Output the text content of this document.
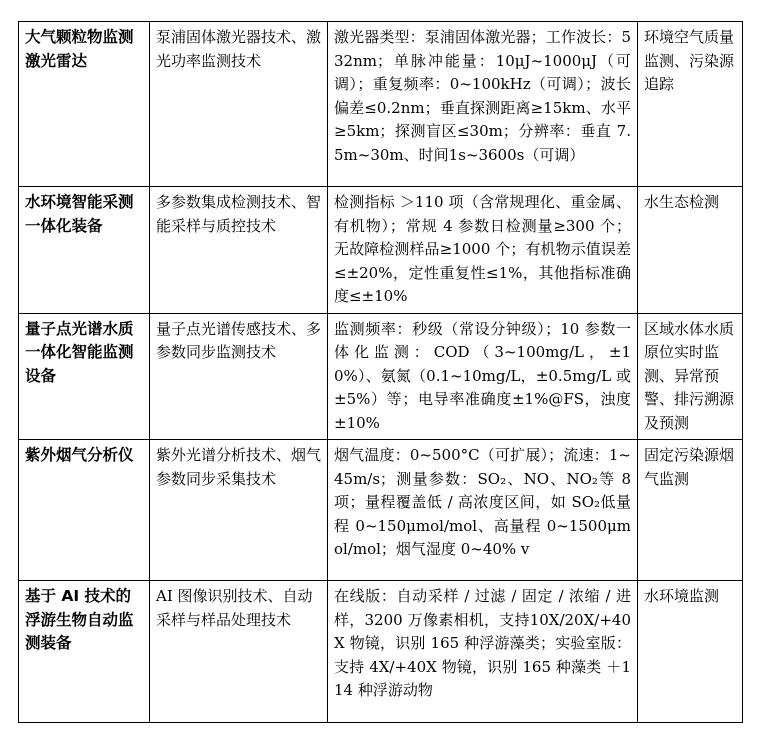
大气颗粒物监测激光雷达	泵浦固体激光器技术、激光功率监测技术	激光器类型：泵浦固体激光器；工作波长：532nm；单脉冲能量：10μJ~1000μJ（可调）；重复频率：0~100kHz（可调）；波长偏差≤0.2nm；垂直探测距离≥15km、水平≥5km；探测盲区≤30m；分辨率：垂直 7.5m~30m、时间1s~3600s（可调）	环境空气质量监测、污染源追踪
水环境智能采测一体化装备	多参数集成检测技术、智能采样与质控技术	检测指标 ＞110 项（含常规理化、重金属、有机物）；常规 4 参数日检测量≥300 个；无故障检测样品≥1000 个；有机物示值误差≤±20%，定性重复性≤1%，其他指标准确度≤±10%	水生态检测
量子点光谱水质一体化智能监测设备	量子点光谱传感技术、多参数同步监测技术	监测频率：秒级（常设分钟级）；10 参数一体化监测：COD（3~100mg/L，±10%）、氨氮（0.1~10mg/L，±0.5mg/L 或 ±5%）等；电导率准确度±1%@FS，浊度 ±10%	区域水体水质原位实时监测、异常预警、排污溯源及预测
紫外烟气分析仪	紫外光谱分析技术、烟气参数同步采集技术	烟气温度：0~500°C（可扩展）；流速：1~45m/s；测量参数：SO₂、NO、NO₂等 8 项；量程覆盖低 / 高浓度区间，如 SO₂低量程 0~150μmol/mol、高量程 0~1500μmol/mol；烟气湿度 0~40% v	固定污染源烟气监测
基于 AI 技术的浮游生物自动监测装备	AI 图像识别技术、自动采样与样品处理技术	在线版：自动采样 / 过滤 / 固定 / 浓缩 / 进样，3200 万像素相机，支持10X/20X/+40X 物镜，识别 165 种浮游藻类；实验室版：支持 4X/+40X 物镜，识别 165 种藻类 ＋114 种浮游动物	水环境监测
